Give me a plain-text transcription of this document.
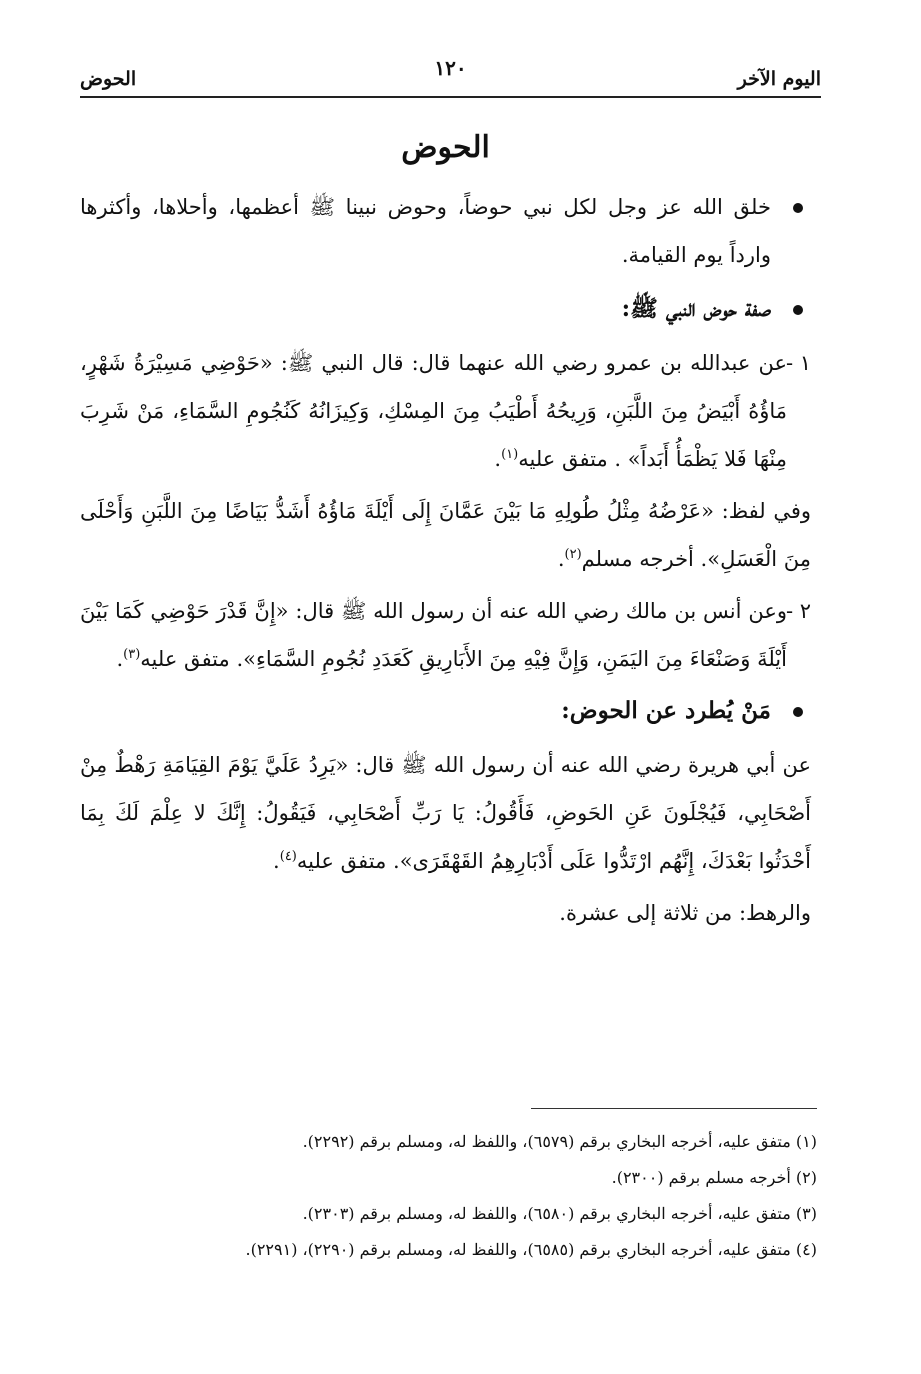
اليوم الآخر
١٢٠
الحوض
الحوض

خلق الله عز وجل لكل نبي حوضاً، وحوض نبينا ﷺ أعظمها، وأحلاها، وأكثرها وارداً يوم القيامة.

صفة حوض النبي ﷺ:

١ -
عن عبدالله بن عمرو رضي الله عنهما قال: قال النبي ﷺ: «حَوْضِي مَسِيْرَةُ شَهْرٍ، مَاؤُهُ أَبْيَضُ مِنَ اللَّبَنِ، وَرِيحُهُ أَطْيَبُ مِنَ المِسْكِ، وَكِيزَانُهُ كَنُجُومِ السَّمَاءِ، مَنْ شَرِبَ مِنْهَا فَلا يَظْمَأُ أَبَداً» . متفق عليه$^{(١)}$.

وفي لفظ: «عَرْضُهُ مِثْلُ طُولِهِ مَا بَيْنَ عَمَّانَ إِلَى أَيْلَةَ مَاؤُهُ أَشَدُّ بَيَاضًا مِنَ اللَّبَنِ وَأَحْلَى مِنَ الْعَسَلِ». أخرجه مسلم$^{(٢)}$.

٢ -
وعن أنس بن مالك رضي الله عنه أن رسول الله ﷺ قال: «إِنَّ قَدْرَ حَوْضِي كَمَا بَيْنَ أَيْلَةَ وَصَنْعَاءَ مِنَ اليَمَنِ، وَإِنَّ فِيْهِ مِنَ الأَبَارِيقِ كَعَدَدِ نُجُومِ السَّمَاءِ». متفق عليه$^{(٣)}$.

مَنْ يُطرد عن الحوض:

عن أبي هريرة رضي الله عنه أن رسول الله ﷺ قال: «يَرِدُ عَلَيَّ يَوْمَ القِيَامَةِ رَهْطٌ مِنْ أَصْحَابِي، فَيُجْلَونَ عَنِ الحَوضِ، فَأَقُولُ: يَا رَبِّ أَصْحَابِي، فَيَقُولُ: إِنَّكَ لا عِلْمَ لَكَ بِمَا أَحْدَثُوا بَعْدَكَ، إِنَّهُم ارْتَدُّوا عَلَى أَدْبَارِهِمُ القَهْقَرَى». متفق عليه$^{(٤)}$.

والرهط: من ثلاثة إلى عشرة.

(١) متفق عليه، أخرجه البخاري برقم (٦٥٧٩)، واللفظ له، ومسلم برقم (٢٢٩٢).

(٢) أخرجه مسلم برقم (٢٣٠٠).

(٣) متفق عليه، أخرجه البخاري برقم (٦٥٨٠)، واللفظ له، ومسلم برقم (٢٣٠٣).

(٤) متفق عليه، أخرجه البخاري برقم (٦٥٨٥)، واللفظ له، ومسلم برقم (٢٢٩٠)، (٢٢٩١).
